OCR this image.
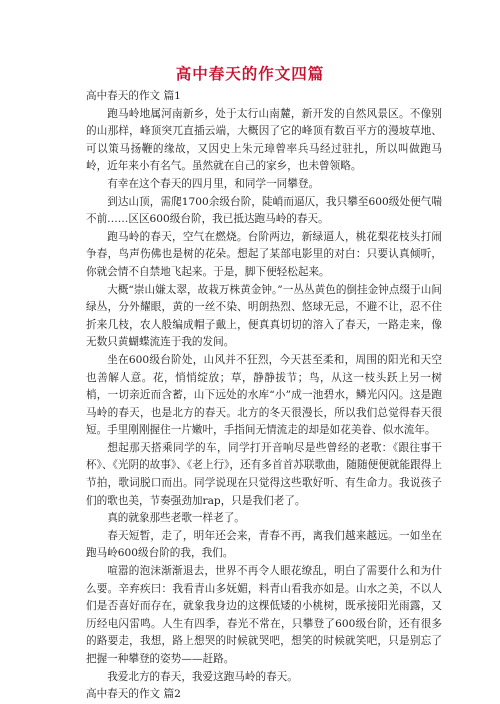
高中春天的作文四篇

高中春天的作文 篇1

跑马岭地属河南新乡，处于太行山南麓，新开发的自然风景区。不像别的山那样，峰顶突兀直插云端，大概因了它的峰顶有数百平方的漫坡草地、可以策马扬鞭的缘故，又因史上朱元璋曾率兵马经过驻扎，所以叫做跑马岭，近年来小有名气。虽然就在自己的家乡，也未曾领略。

有幸在这个春天的四月里，和同学一同攀登。

到达山顶，需爬1700余级台阶，陡峭而逼仄，我只攀至600级处便气喘不前……区区600级台阶，我已抵达跑马岭的春天。

跑马岭的春天，空气在燃烧。台阶两边，新绿逼人，桃花梨花枝头打闹争春，鸟声伤佛也是树的花朵。想起了某部电影里的对白：只要认真倾听，你就会情不自禁地飞起来。于是，脚下便轻松起来。

大概“崇山嫌太翠，故栽万株黄金钟。”一丛丛黄色的倒挂金钟点缀于山间绿丛，分外耀眼，黄的一丝不染、明朗热烈、悠球无忌，不避不让，忍不住折来几枝，农人般编成帽子戴上，便真真切切的溶入了春天，一路走来，像无数只黄蝴蝶流连于我的发间。

坐在600级台阶处，山风并不狂烈，今天甚至柔和，周围的阳光和天空也善解人意。花，悄悄绽放；草，静静拔节；鸟，从这一枝头跃上另一树梢，一切亲近而含蓄，山下远处的水库“小”成一池碧水，鳞光闪闪。这是跑马岭的春天，也是北方的春天。北方的冬天很漫长，所以我们总觉得春天很短。手里刚刚握住一片嫩叶，手指间无情流走的却是如花美眷、似水流年。

想起那天搭乘同学的车，同学打开音响尽是些曾经的老歌：《跟往事干杯》、《光阴的故事》、《老上行》，还有多首首苏联歌曲，随随便便就能跟得上节拍，歌词脱口而出。同学说现在只觉得这些歌好听、有生命力。我说孩子们的歌也美，节奏强劲加rap，只是我们老了。

真的就象那些老歌一样老了。

春天短暂，走了，明年还会来，青春不再，离我们越来越远。一如坐在跑马岭600级台阶的我，我们。

喧嚣的泡沫渐渐退去，世界不再令人眼花缭乱，明白了需要什么和为什么要。辛弃疾曰：我看青山多妩媚，料青山看我亦如是。山水之美，不以人们是否喜好而存在，就象我身边的这棵低矮的小桃树，既承接阳光雨露，又历经电闪雷鸣。人生有四季，春光不常在，只攀登了600级台阶，还有很多的路要走，我想，路上想哭的时候就哭吧，想笑的时候就笑吧，只是别忘了把握一种攀登的姿势——赶路。

我爱北方的春天，我爱这跑马岭的春天。

高中春天的作文 篇2
